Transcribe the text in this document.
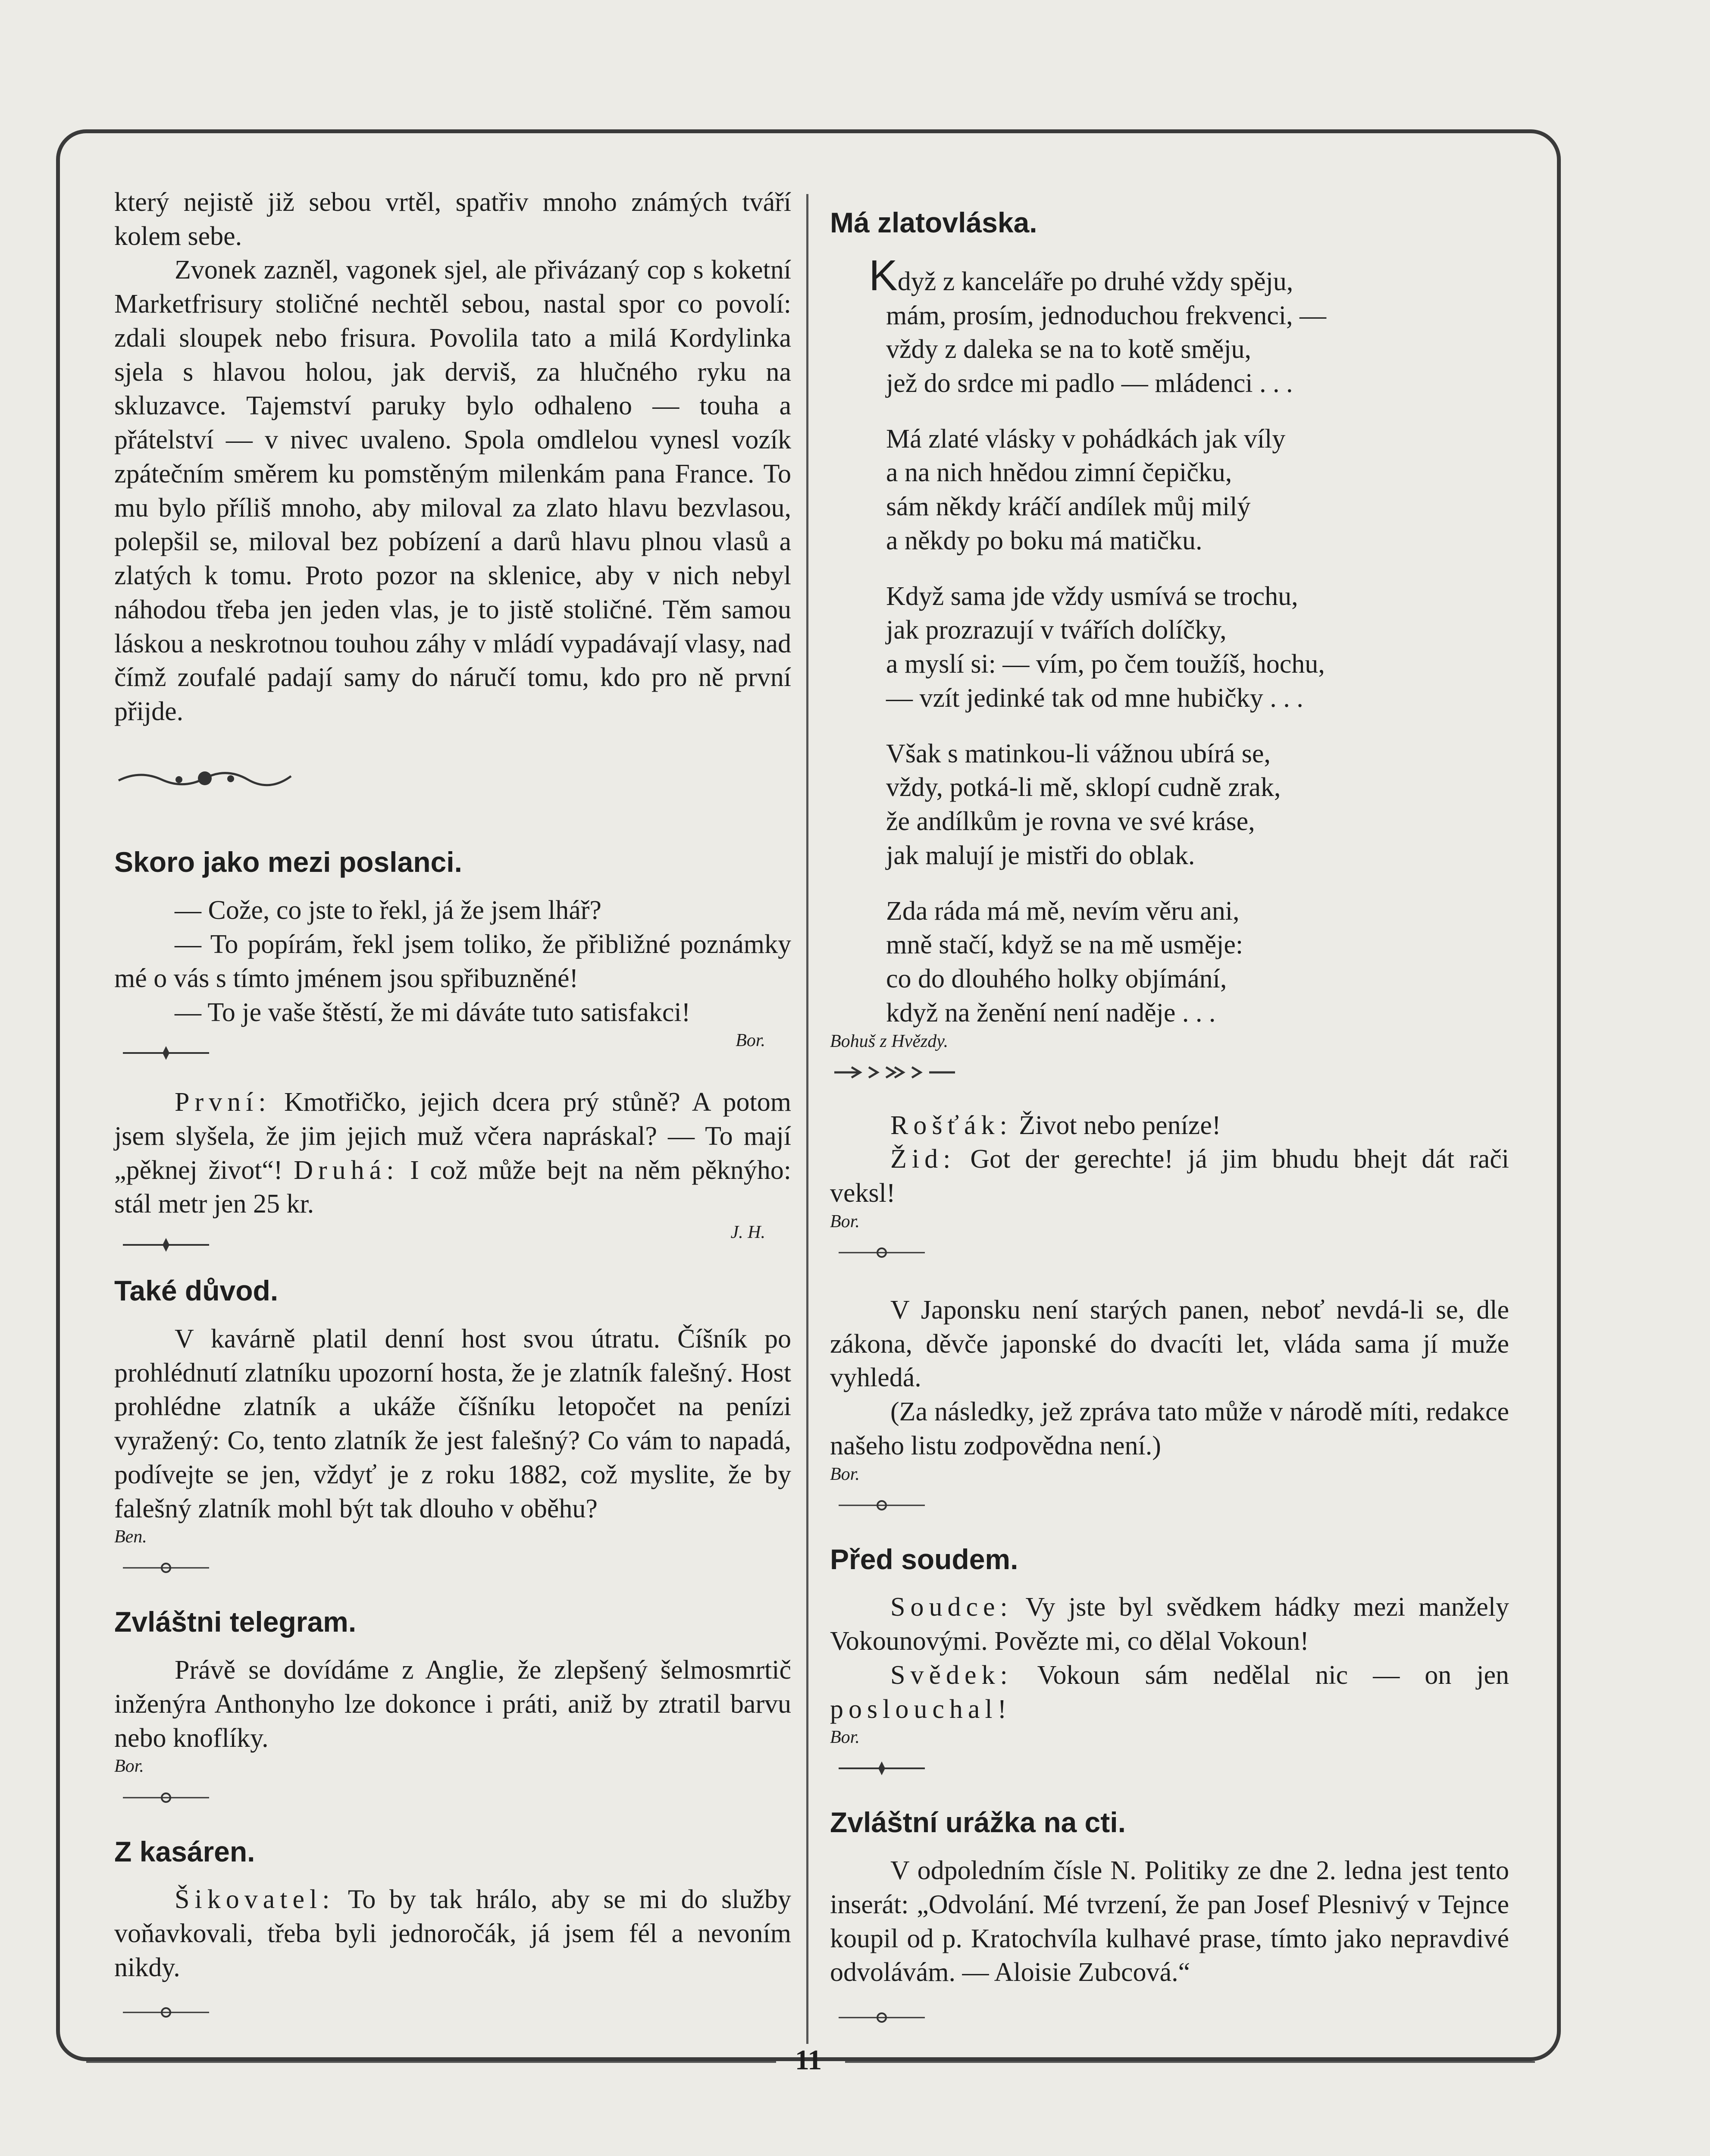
který nejistě již sebou vrtěl, spatřiv mnoho známých tváří kolem sebe.

Zvonek zazněl, vagonek sjel, ale přivázaný cop s koketní Marketfrisury stoličné nechtěl sebou, nastal spor co povolí: zdali sloupek nebo frisura. Povolila tato a milá Kordylinka sjela s hlavou holou, jak derviš, za hlučného ryku na skluzavce. Tajemství paruky bylo odhaleno — touha a přátelství — v nivec uvaleno. Spola omdlelou vynesl vozík zpátečním směrem ku pomstěným milenkám pana France. To mu bylo příliš mnoho, aby miloval za zlato hlavu bezvlasou, polepšil se, miloval bez pobízení a darů hlavu plnou vlasů a zlatých k tomu. Proto pozor na sklenice, aby v nich nebyl náhodou třeba jen jeden vlas, je to jistě stoličné. Těm samou láskou a neskrotnou touhou záhy v mládí vypadávají vlasy, nad čímž zoufalé padají samy do náručí tomu, kdo pro ně první přijde.

Skoro jako mezi poslanci.

— Cože, co jste to řekl, já že jsem lhář?

— To popírám, řekl jsem toliko, že přibližné poznámky mé o vás s tímto jménem jsou spřibuzněné!

— To je vaše štěstí, že mi dáváte tuto satisfakci!

Bor.

První: Kmotřičko, jejich dcera prý stůně? A potom jsem slyšela, že jim jejich muž včera napráskal? — To mají „pěknej život“! Druhá: I což může bejt na něm pěknýho: stál metr jen 25 kr.

J. H.

Také důvod.

V kavárně platil denní host svou útratu. Číšník po prohlédnutí zlatníku upozorní hosta, že je zlatník falešný. Host prohlédne zlatník a ukáže číšníku letopočet na penízi vyražený: Co, tento zlatník že jest falešný? Co vám to napadá, podívejte se jen, vždyť je z roku 1882, což myslite, že by falešný zlatník mohl být tak dlouho v oběhu?

Ben.

Zvláštni telegram.

Právě se dovídáme z Anglie, že zlepšený šelmosmrtič inženýra Anthonyho lze dokonce i práti, aniž by ztratil barvu nebo knoflíky.

Bor.

Z kasáren.

Šikovatel: To by tak hrálo, aby se mi do služby voňavkovali, třeba byli jednoročák, já jsem fél a nevoním nikdy.

Má zlatovláska.

Když z kanceláře po druhé vždy spěju,

mám, prosím, jednoduchou frekvenci, —

vždy z daleka se na to kotě směju,

jež do srdce mi padlo — mládenci . . .

Má zlaté vlásky v pohádkách jak víly

a na nich hnědou zimní čepičku,

sám někdy kráčí andílek můj milý

a někdy po boku má matičku.

Když sama jde vždy usmívá se trochu,

jak prozrazují v tvářích dolíčky,

a myslí si: — vím, po čem toužíš, hochu,

— vzít jedinké tak od mne hubičky . . .

Však s matinkou-li vážnou ubírá se,

vždy, potká-li mě, sklopí cudně zrak,

že andílkům je rovna ve své kráse,

jak malují je mistři do oblak.

Zda ráda má mě, nevím věru ani,

mně stačí, když se na mě usměje:

co do dlouhého holky objímání,

když na ženění není naděje . . .

Bohuš z Hvězdy.

Rošťák: Život nebo peníze!

Žid: Got der gerechte! já jim bhudu bhejt dát rači veksl!

Bor.

V Japonsku není starých panen, neboť nevdá-li se, dle zákona, děvče japonské do dvacíti let, vláda sama jí muže vyhledá.

(Za následky, jež zpráva tato může v národě míti, redakce našeho listu zodpovědna není.)

Bor.

Před soudem.

Soudce: Vy jste byl svědkem hádky mezi manžely Vokounovými. Povězte mi, co dělal Vokoun!

Svědek: Vokoun sám nedělal nic — on jen poslouchal!

Bor.

Zvláštní urážka na cti.

V odpoledním čísle N. Politiky ze dne 2. ledna jest tento inserát: „Odvolání. Mé tvrzení, že pan Josef Plesnivý v Tejnce koupil od p. Kratochvíla kulhavé prase, tímto jako nepravdivé odvolávám. — Aloisie Zubcová.“

11
